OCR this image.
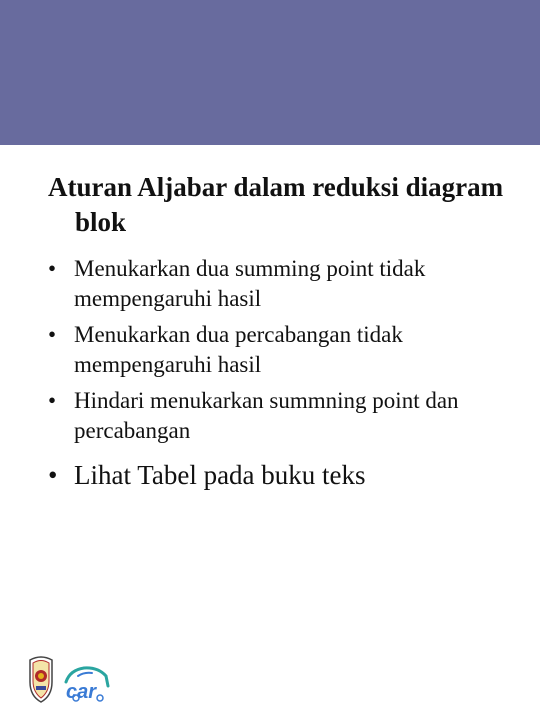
Aturan Aljabar dalam reduksi diagram blok

• Menukarkan dua summing point tidak mempengaruhi hasil
• Menukarkan dua percabangan tidak mempengaruhi hasil
• Hindari menukarkan summning point dan percabangan
• Lihat Tabel pada buku teks
car
